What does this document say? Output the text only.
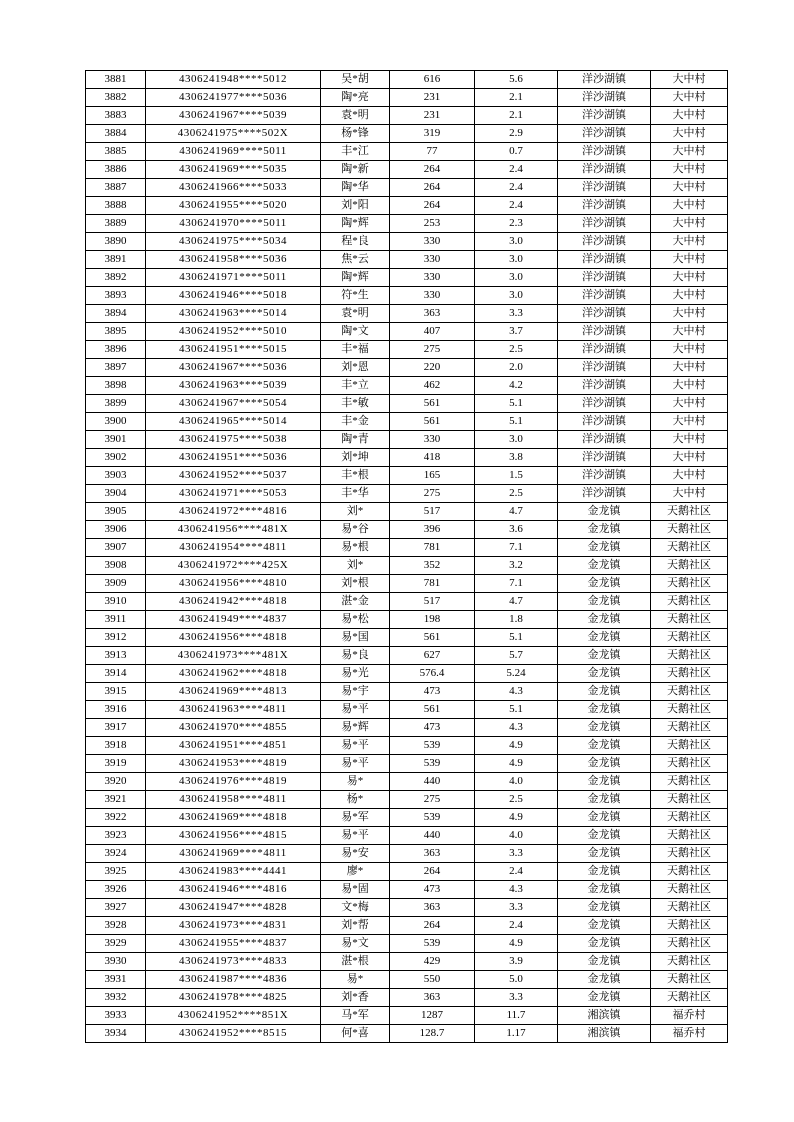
3881	4306241948****5012	吴*胡	616	5.6	洋沙湖镇	大中村
3882	4306241977****5036	陶*亮	231	2.1	洋沙湖镇	大中村
3883	4306241967****5039	袁*明	231	2.1	洋沙湖镇	大中村
3884	4306241975****502X	杨*锋	319	2.9	洋沙湖镇	大中村
3885	4306241969****5011	丰*江	77	0.7	洋沙湖镇	大中村
3886	4306241969****5035	陶*新	264	2.4	洋沙湖镇	大中村
3887	4306241966****5033	陶*华	264	2.4	洋沙湖镇	大中村
3888	4306241955****5020	刘*阳	264	2.4	洋沙湖镇	大中村
3889	4306241970****5011	陶*辉	253	2.3	洋沙湖镇	大中村
3890	4306241975****5034	程*良	330	3.0	洋沙湖镇	大中村
3891	4306241958****5036	焦*云	330	3.0	洋沙湖镇	大中村
3892	4306241971****5011	陶*辉	330	3.0	洋沙湖镇	大中村
3893	4306241946****5018	符*生	330	3.0	洋沙湖镇	大中村
3894	4306241963****5014	袁*明	363	3.3	洋沙湖镇	大中村
3895	4306241952****5010	陶*文	407	3.7	洋沙湖镇	大中村
3896	4306241951****5015	丰*福	275	2.5	洋沙湖镇	大中村
3897	4306241967****5036	刘*恩	220	2.0	洋沙湖镇	大中村
3898	4306241963****5039	丰*立	462	4.2	洋沙湖镇	大中村
3899	4306241967****5054	丰*敏	561	5.1	洋沙湖镇	大中村
3900	4306241965****5014	丰*金	561	5.1	洋沙湖镇	大中村
3901	4306241975****5038	陶*青	330	3.0	洋沙湖镇	大中村
3902	4306241951****5036	刘*坤	418	3.8	洋沙湖镇	大中村
3903	4306241952****5037	丰*根	165	1.5	洋沙湖镇	大中村
3904	4306241971****5053	丰*华	275	2.5	洋沙湖镇	大中村
3905	4306241972****4816	刘*	517	4.7	金龙镇	天鹅社区
3906	4306241956****481X	易*谷	396	3.6	金龙镇	天鹅社区
3907	4306241954****4811	易*根	781	7.1	金龙镇	天鹅社区
3908	4306241972****425X	刘*	352	3.2	金龙镇	天鹅社区
3909	4306241956****4810	刘*根	781	7.1	金龙镇	天鹅社区
3910	4306241942****4818	湛*金	517	4.7	金龙镇	天鹅社区
3911	4306241949****4837	易*松	198	1.8	金龙镇	天鹅社区
3912	4306241956****4818	易*国	561	5.1	金龙镇	天鹅社区
3913	4306241973****481X	易*良	627	5.7	金龙镇	天鹅社区
3914	4306241962****4818	易*光	576.4	5.24	金龙镇	天鹅社区
3915	4306241969****4813	易*宇	473	4.3	金龙镇	天鹅社区
3916	4306241963****4811	易*平	561	5.1	金龙镇	天鹅社区
3917	4306241970****4855	易*辉	473	4.3	金龙镇	天鹅社区
3918	4306241951****4851	易*平	539	4.9	金龙镇	天鹅社区
3919	4306241953****4819	易*平	539	4.9	金龙镇	天鹅社区
3920	4306241976****4819	易*	440	4.0	金龙镇	天鹅社区
3921	4306241958****4811	杨*	275	2.5	金龙镇	天鹅社区
3922	4306241969****4818	易*军	539	4.9	金龙镇	天鹅社区
3923	4306241956****4815	易*平	440	4.0	金龙镇	天鹅社区
3924	4306241969****4811	易*安	363	3.3	金龙镇	天鹅社区
3925	4306241983****4441	廖*	264	2.4	金龙镇	天鹅社区
3926	4306241946****4816	易*固	473	4.3	金龙镇	天鹅社区
3927	4306241947****4828	文*梅	363	3.3	金龙镇	天鹅社区
3928	4306241973****4831	刘*帮	264	2.4	金龙镇	天鹅社区
3929	4306241955****4837	易*文	539	4.9	金龙镇	天鹅社区
3930	4306241973****4833	湛*根	429	3.9	金龙镇	天鹅社区
3931	4306241987****4836	易*	550	5.0	金龙镇	天鹅社区
3932	4306241978****4825	刘*香	363	3.3	金龙镇	天鹅社区
3933	4306241952****851X	马*军	1287	11.7	湘滨镇	福乔村
3934	4306241952****8515	何*喜	128.7	1.17	湘滨镇	福乔村
